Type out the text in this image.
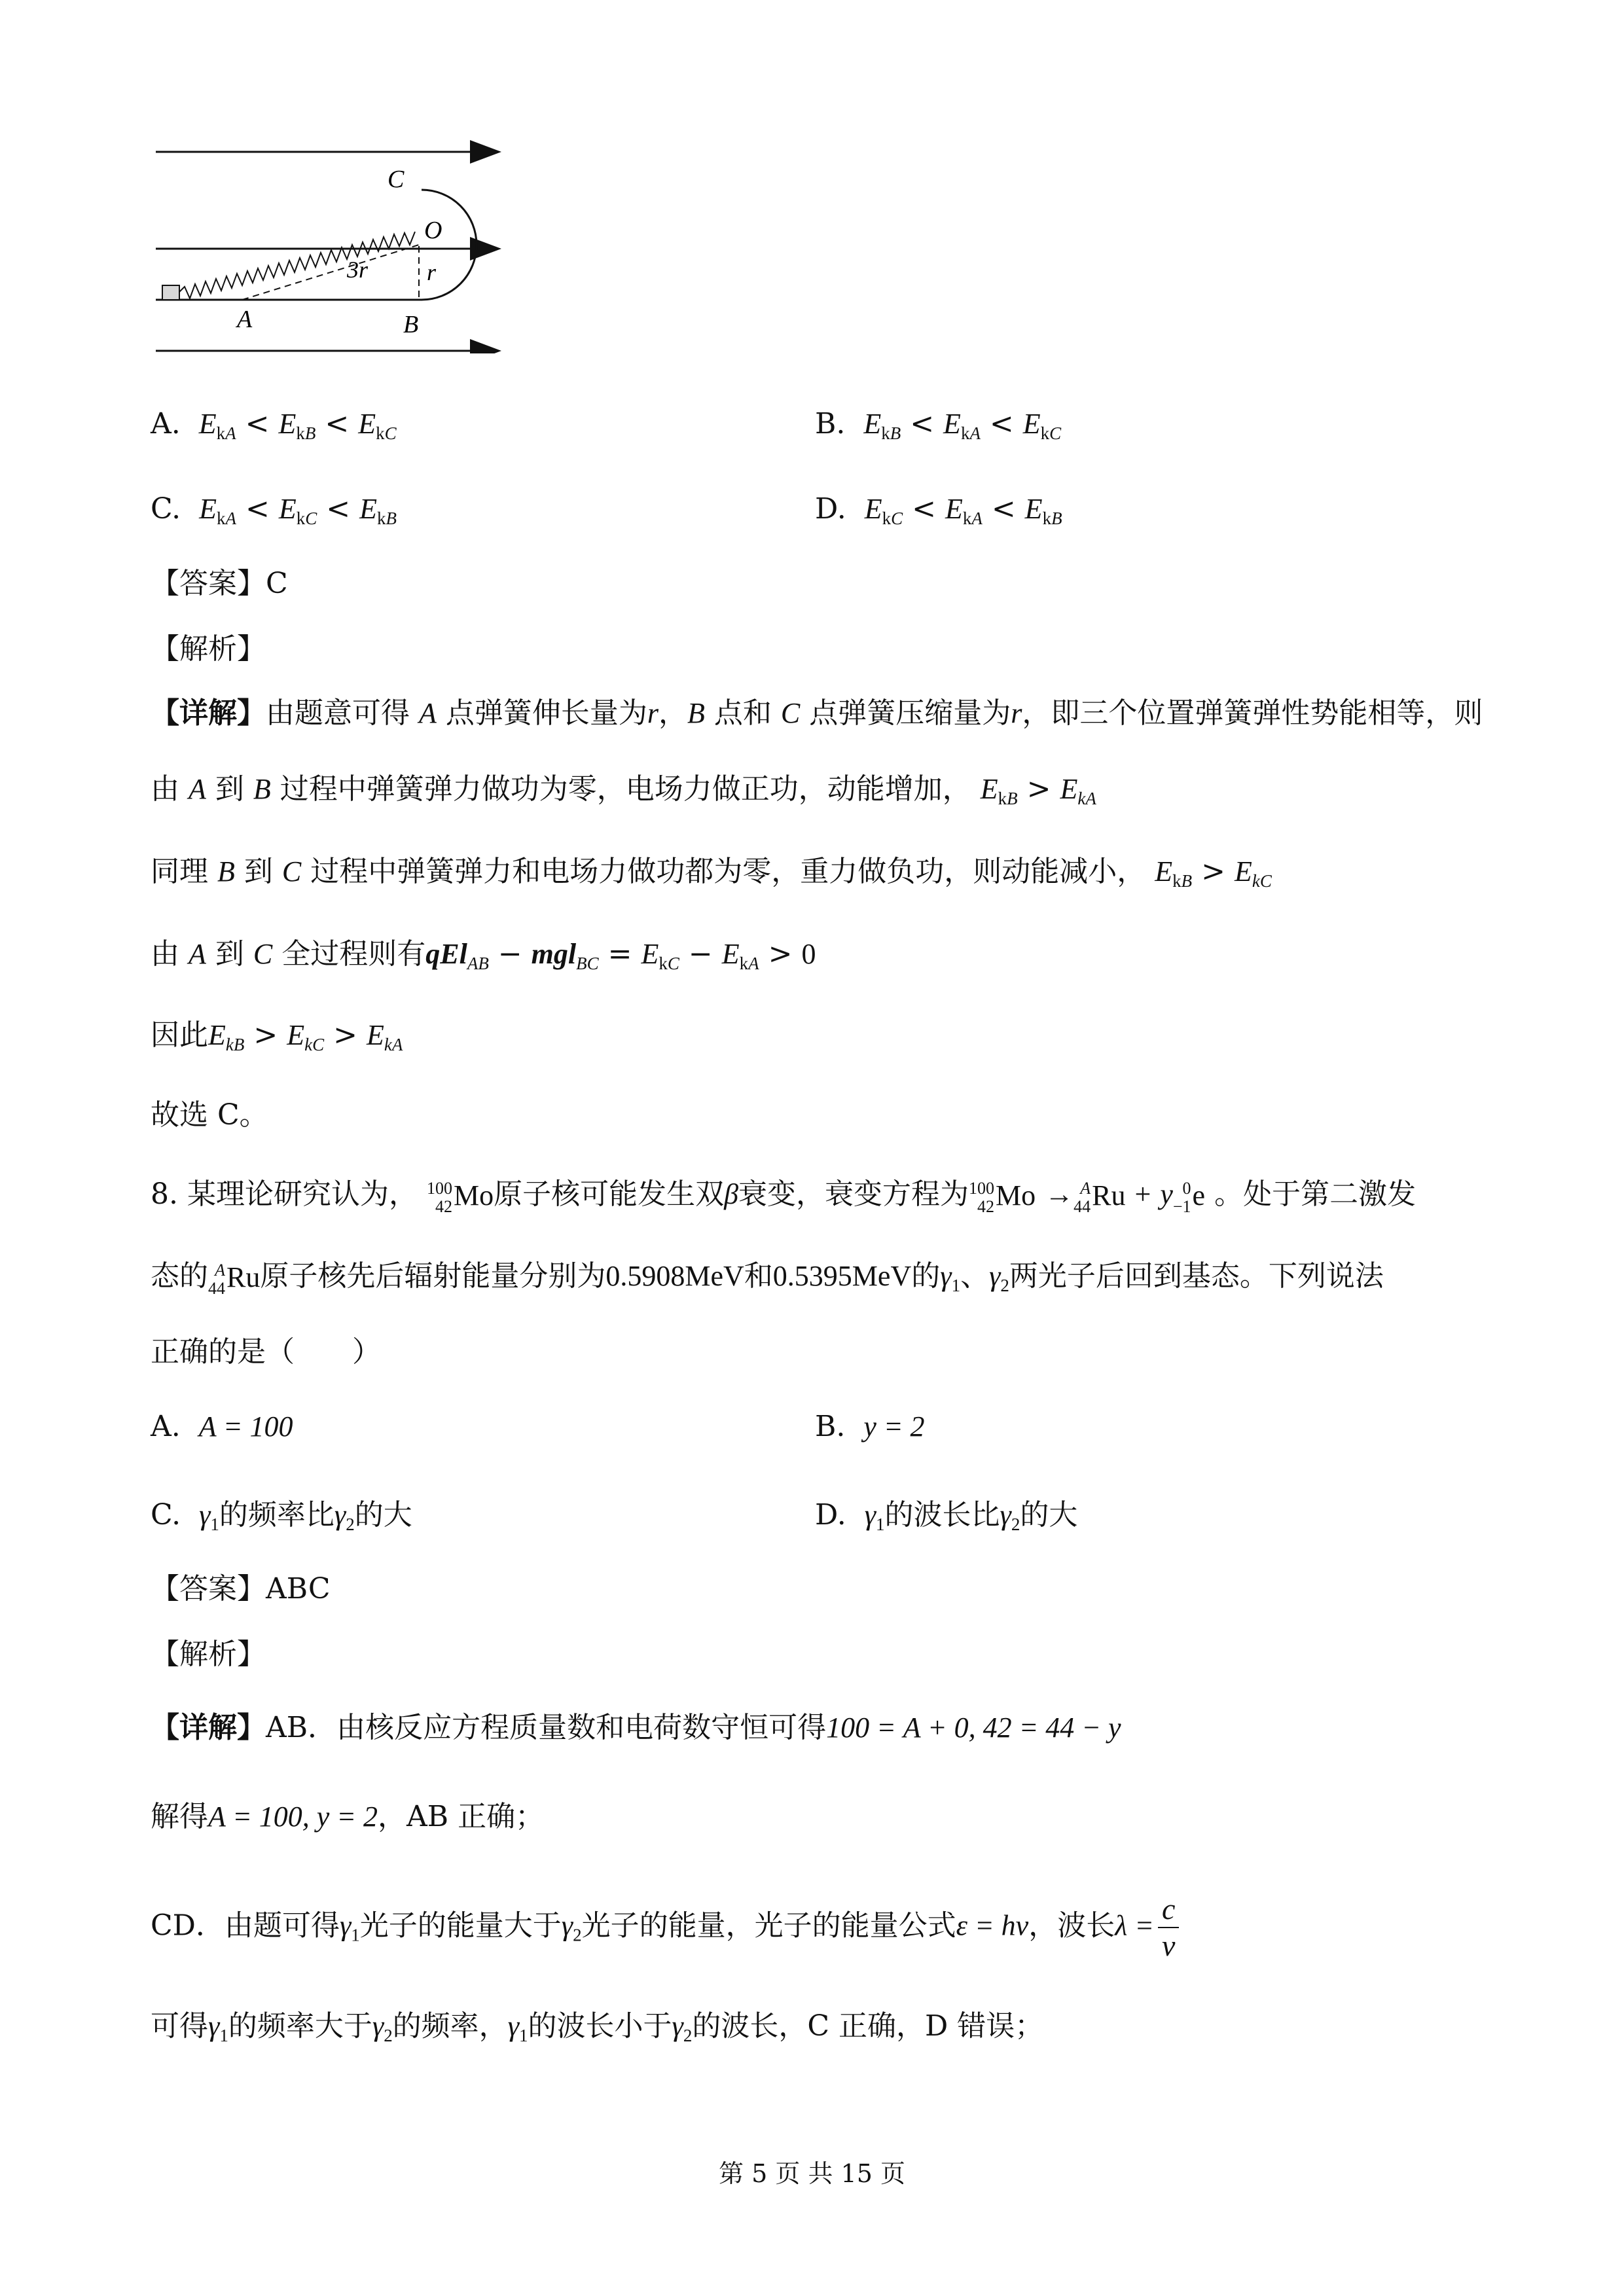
C
O
3r r
A	B
A. $E_{kA} < E_{kB} < E_{kC}$	B. $E_{kB} < E_{kA} < E_{kC}$
C. $E_{kA} < E_{kC} < E_{kB}$	D. $E_{kC} < E_{kA} < E_{kB}$
【答案】C
【解析】
【详解】由题意可得 A 点弹簧伸长量为r，B 点和 C 点弹簧压缩量为r，即三个位置弹簧弹性势能相等，则
由 A 到 B 过程中弹簧弹力做功为零，电场力做正功，动能增加， $E_{kB} > E_{kA}$
同理 B 到 C 过程中弹簧弹力和电场力做功都为零，重力做负功，则动能减小， $E_{kB} > E_{kC}$
由 A 到 C 全过程则有$qEl_{AB} - mgl_{BC} = E_{kC} - E_{kA} > 0$
因此$E_{kB} > E_{kC} > E_{kA}$
故选 C。
8. 某理论研究认为， 100
42 Mo原子核可能发生双β衰变，衰变方程为 100
42 Mo → A
44 Ru + y 0
−1 e 。处于第二激发
态的 A
44 Ru原子核先后辐射能量分别为0.5908MeV和0.5395MeV的$\gamma_1$、$\gamma_2$两光子后回到基态。下列说法
正确的是（　　）
A. A = 100	B. y = 2
C. $\gamma_1$的频率比$\gamma_2$的大	D. $\gamma_1$的波长比$\gamma_2$的大
【答案】ABC
【解析】
【详解】AB．由核反应方程质量数和电荷数守恒可得100 = A + 0, 42 = 44 − y
解得A = 100, y = 2，AB 正确；
CD．由题可得$\gamma_1$光子的能量大于$\gamma_2$光子的能量，光子的能量公式ε = hν，波长$\lambda = \frac{c}{\nu}$
可得$\gamma_1$的频率大于$\gamma_2$的频率，$\gamma_1$的波长小于$\gamma_2$的波长，C 正确，D 错误；
第 5 页 共 15 页
